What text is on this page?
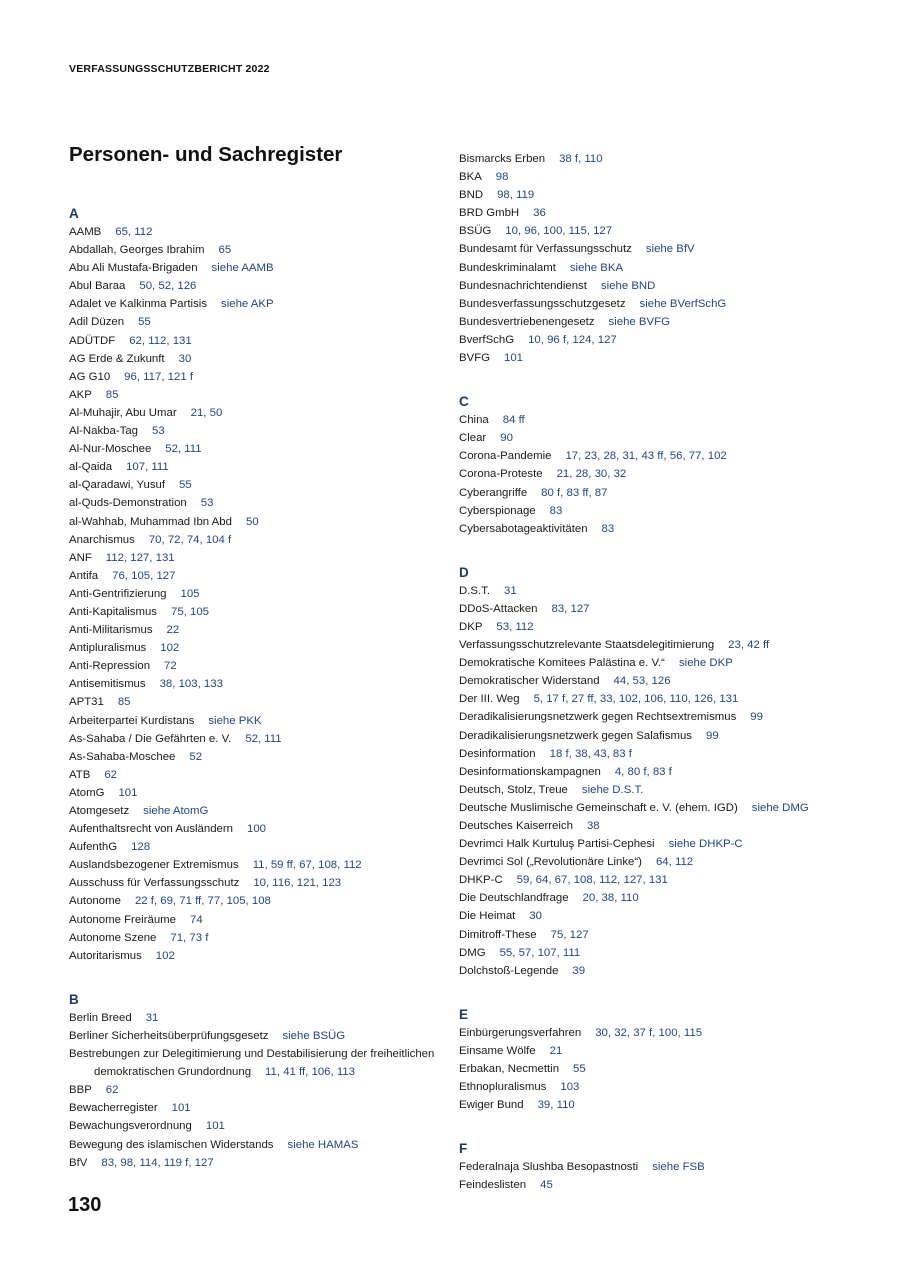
VERFASSUNGSSCHUTZBERICHT 2022
Personen- und Sachregister
A
AAMB 65, 112
Abdallah, Georges Ibrahim 65
Abu Ali Mustafa-Brigaden siehe AAMB
Abul Baraa 50, 52, 126
Adalet ve Kalkinma Partisis siehe AKP
Adil Düzen 55
ADÜTDF 62, 112, 131
AG Erde & Zukunft 30
AG G10 96, 117, 121 f
AKP 85
Al-Muhajir, Abu Umar 21, 50
Al-Nakba-Tag 53
Al-Nur-Moschee 52, 111
al-Qaida 107, 111
al-Qaradawi, Yusuf 55
al-Quds-Demonstration 53
al-Wahhab, Muhammad Ibn Abd 50
Anarchismus 70, 72, 74, 104 f
ANF 112, 127, 131
Antifa 76, 105, 127
Anti-Gentrifizierung 105
Anti-Kapitalismus 75, 105
Anti-Militarismus 22
Antipluralismus 102
Anti-Repression 72
Antisemitismus 38, 103, 133
APT31 85
Arbeiterpartei Kurdistans siehe PKK
As-Sahaba / Die Gefährten e. V. 52, 111
As-Sahaba-Moschee 52
ATB 62
AtomG 101
Atomgesetz siehe AtomG
Aufenthaltsrecht von Ausländern 100
AufenthG 128
Auslandsbezogener Extremismus 11, 59 ff, 67, 108, 112
Ausschuss für Verfassungsschutz 10, 116, 121, 123
Autonome 22 f, 69, 71 ff, 77, 105, 108
Autonome Freiräume 74
Autonome Szene 71, 73 f
Autoritarismus 102
B
Berlin Breed 31
Berliner Sicherheitsüberprüfungsgesetz siehe BSÜG
Bestrebungen zur Delegitimierung und Destabilisierung der freiheitlichen
demokratischen Grundordnung 11, 41 ff, 106, 113
BBP 62
Bewacherregister 101
Bewachungsverordnung 101
Bewegung des islamischen Widerstands siehe HAMAS
BfV 83, 98, 114, 119 f, 127
Bismarcks Erben 38 f, 110
BKA 98
BND 98, 119
BRD GmbH 36
BSÜG 10, 96, 100, 115, 127
Bundesamt für Verfassungsschutz siehe BfV
Bundeskriminalamt siehe BKA
Bundesnachrichtendienst siehe BND
Bundesverfassungsschutzgesetz siehe BVerfSchG
Bundesvertriebenengesetz siehe BVFG
BverfSchG 10, 96 f, 124, 127
BVFG 101
C
China 84 ff
Clear 90
Corona-Pandemie 17, 23, 28, 31, 43 ff, 56, 77, 102
Corona-Proteste 21, 28, 30, 32
Cyberangriffe 80 f, 83 ff, 87
Cyberspionage 83
Cybersabotageaktivitäten 83
D
D.S.T. 31
DDoS-Attacken 83, 127
DKP 53, 112
Verfassungsschutzrelevante Staatsdelegitimierung 23, 42 ff
Demokratische Komitees Palästina e. V.“ siehe DKP
Demokratischer Widerstand 44, 53, 126
Der III. Weg 5, 17 f, 27 ff, 33, 102, 106, 110, 126, 131
Deradikalisierungsnetzwerk gegen Rechtsextremismus 99
Deradikalisierungsnetzwerk gegen Salafismus 99
Desinformation 18 f, 38, 43, 83 f
Desinformationskampagnen 4, 80 f, 83 f
Deutsch, Stolz, Treue siehe D.S.T.
Deutsche Muslimische Gemeinschaft e. V. (ehem. IGD) siehe DMG
Deutsches Kaiserreich 38
Devrimci Halk Kurtuluş Partisi-Cephesi siehe DHKP-C
Devrimci Sol („Revolutionäre Linke“) 64, 112
DHKP-C 59, 64, 67, 108, 112, 127, 131
Die Deutschlandfrage 20, 38, 110
Die Heimat 30
Dimitroff-These 75, 127
DMG 55, 57, 107, 111
Dolchstoß-Legende 39
E
Einbürgerungsverfahren 30, 32, 37 f, 100, 115
Einsame Wölfe 21
Erbakan, Necmettin 55
Ethnopluralismus 103
Ewiger Bund 39, 110
F
Federalnaja Slushba Besopastnosti siehe FSB
Feindeslisten 45
130
